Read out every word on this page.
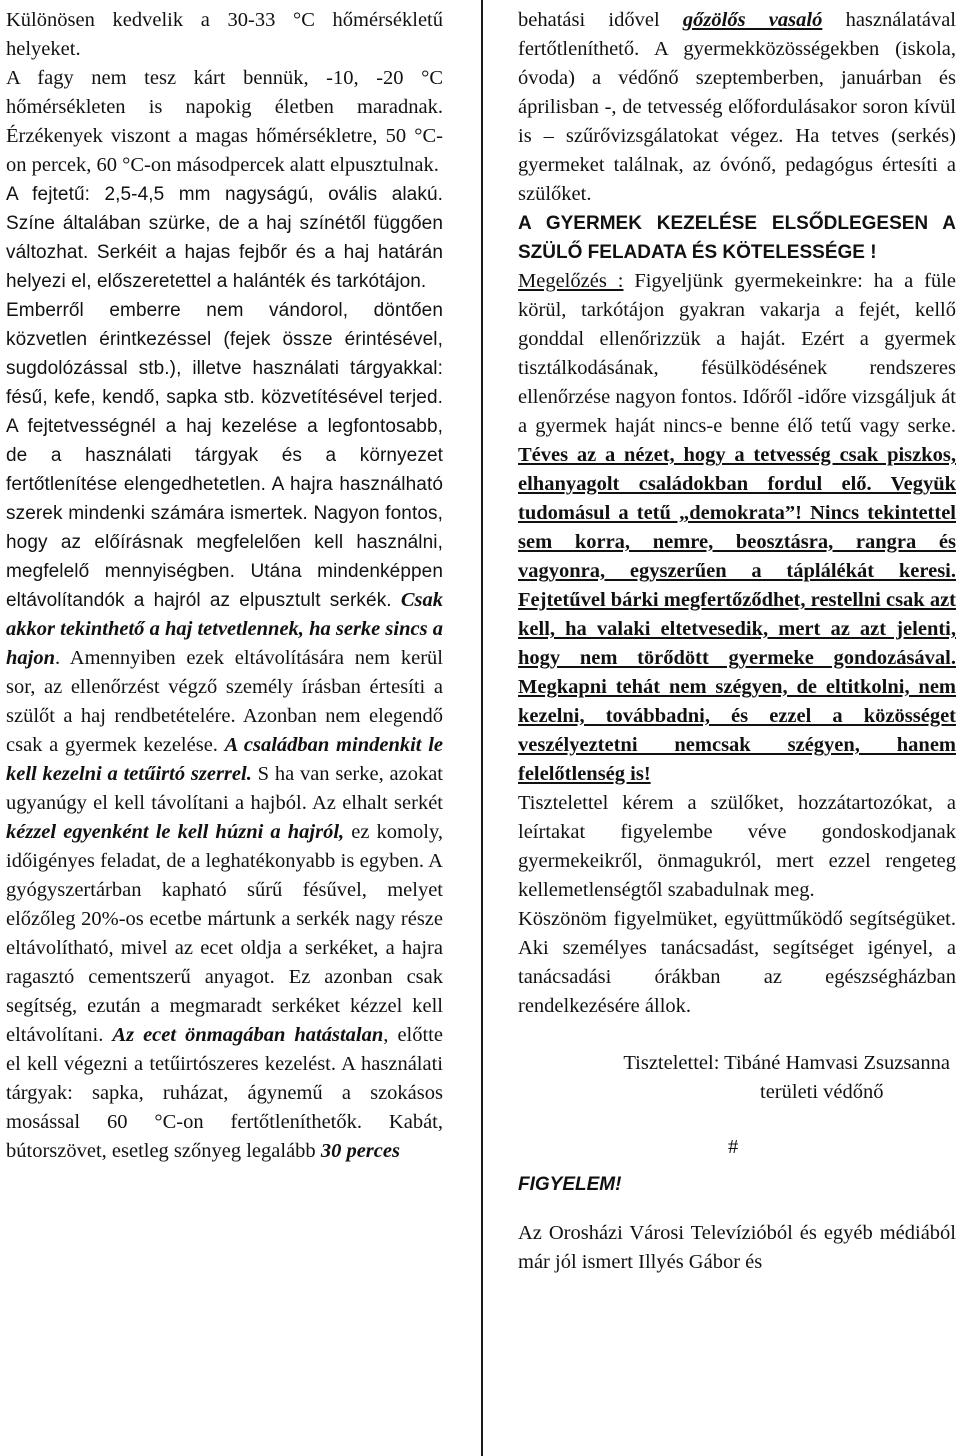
Különösen kedvelik a 30-33 °C hőmérsékletű helyeket.

A fagy nem tesz kárt bennük, -10, -20 °C hőmérsékleten is napokig életben maradnak. Érzékenyek viszont a magas hőmérsékletre, 50 °C-on percek, 60 °C-on másodpercek alatt elpusztulnak.

A fejtetű: 2,5-4,5 mm nagyságú, ovális alakú. Színe általában szürke, de a haj színétől függően változhat. Serkéit a hajas fejbőr és a haj határán helyezi el, előszeretettel a halánték és tarkótájon.

Emberről emberre nem vándorol, döntően közvetlen érintkezéssel (fejek össze érintésével, sugdolózással stb.), illetve használati tárgyakkal: fésű, kefe, kendő, sapka stb. közvetítésével terjed. A fejtetvességnél a haj kezelése a legfontosabb, de a használati tárgyak és a környezet fertőtlenítése elengedhetetlen. A hajra használható szerek mindenki számára ismertek. Nagyon fontos, hogy az előírásnak megfelelően kell használni, megfelelő mennyiségben. Utána mindenképpen eltávolítandók a hajról az elpusztult serkék. Csak akkor tekinthető a haj tetvetlennek, ha serke sincs a hajon. Amennyiben ezek eltávolítására nem kerül sor, az ellenőrzést végző személy írásban értesíti a szülőt a haj rendbetételére. Azonban nem elegendő csak a gyermek kezelése. A családban mindenkit le kell kezelni a tetűirtó szerrel. S ha van serke, azokat ugyanúgy el kell távolítani a hajból. Az elhalt serkét kézzel egyenként le kell húzni a hajról, ez komoly, időigényes feladat, de a leghatékonyabb is egyben. A gyógyszertárban kapható sűrű fésűvel, melyet előzőleg 20%-os ecetbe mártunk a serkék nagy része eltávolítható, mivel az ecet oldja a serkéket, a hajra ragasztó cementszerű anyagot. Ez azonban csak segítség, ezután a megmaradt serkéket kézzel kell eltávolítani. Az ecet önmagában hatástalan, előtte el kell végezni a tetűirtószeres kezelést. A használati tárgyak: sapka, ruházat, ágynemű a szokásos mosással 60 °C-on fertőtleníthetők. Kabát, bútorszövet, esetleg szőnyeg legalább 30 perces

behatási idővel gőzölős vasaló használatával fertőtleníthető. A gyermekközösségekben (iskola, óvoda) a védőnő szeptemberben, januárban és áprilisban -, de tetvesség előfordulásakor soron kívül is – szűrővizsgálatokat végez. Ha tetves (serkés) gyermeket találnak, az óvónő, pedagógus értesíti a szülőket.

A GYERMEK KEZELÉSE ELSŐDLEGESEN A SZÜLŐ FELADATA ÉS KÖTELESSÉGE !

Megelőzés : Figyeljünk gyermekeinkre: ha a füle körül, tarkótájon gyakran vakarja a fejét, kellő gonddal ellenőrizzük a haját. Ezért a gyermek tisztálkodásának, fésülködésének rendszeres ellenőrzése nagyon fontos. Időről -időre vizsgáljuk át a gyermek haját nincs-e benne élő tetű vagy serke. Téves az a nézet, hogy a tetvesség csak piszkos, elhanyagolt családokban fordul elő. Vegyük tudomásul a tetű „demokrata”! Nincs tekintettel sem korra, nemre, beosztásra, rangra és vagyonra, egyszerűen a táplálékát keresi. Fejtetűvel bárki megfertőződhet, restellni csak azt kell, ha valaki eltetvesedik, mert az azt jelenti, hogy nem törődött gyermeke gondozásával. Megkapni tehát nem szégyen, de eltitkolni, nem kezelni, továbbadni, és ezzel a közösséget veszélyeztetni nemcsak szégyen, hanem felelőtlenség is!

Tisztelettel kérem a szülőket, hozzátartozókat, a leírtakat figyelembe véve gondoskodjanak gyermekeikről, önmagukról, mert ezzel rengeteg kellemetlenségtől szabadulnak meg.

Köszönöm figyelmüket, együttműködő segítségüket. Aki személyes tanácsadást, segítséget igényel, a tanácsadási órákban az egészségházban rendelkezésére állok.

Tisztelettel: Tibáné Hamvasi Zsuzsanna

területi védőnő

#

FIGYELEM!

Az Orosházi Városi Televízióból és egyéb médiából már jól ismert Illyés Gábor és
